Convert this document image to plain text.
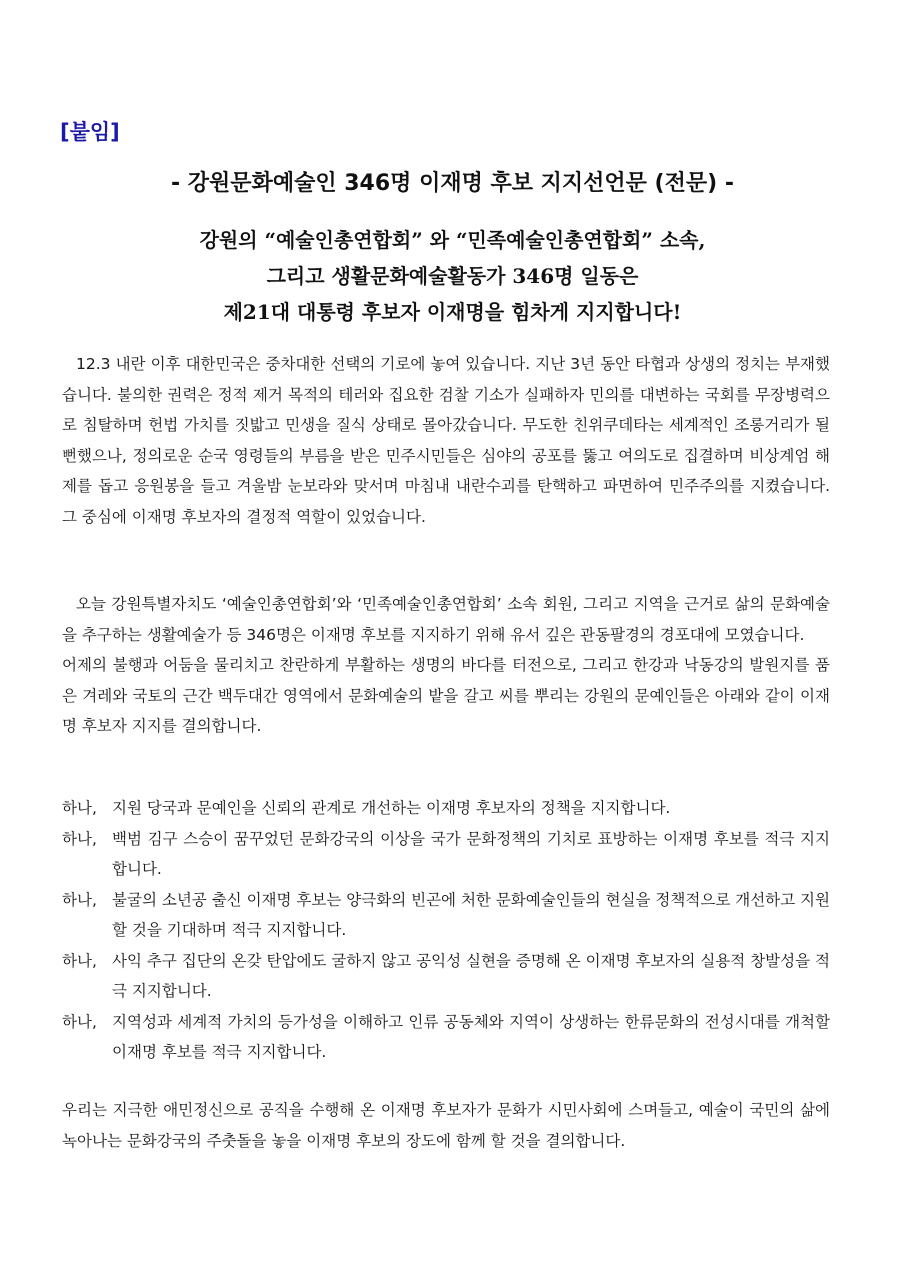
[붙임]
- 강원문화예술인 346명 이재명 후보 지지선언문 (전문) -
강원의 “예술인총연합회” 와 “민족예술인총연합회” 소속,
그리고 생활문화예술활동가 346명 일동은
제21대 대통령 후보자 이재명을 힘차게 지지합니다!

12.3 내란 이후 대한민국은 중차대한 선택의 기로에 놓여 있습니다. 지난 3년 동안 타협과 상생의 정치는 부재했습니다. 불의한 권력은 정적 제거 목적의 테러와 집요한 검찰 기소가 실패하자 민의를 대변하는 국회를 무장병력으로 침탈하며 헌법 가치를 짓밟고 민생을 질식 상태로 몰아갔습니다. 무도한 친위쿠데타는 세계적인 조롱거리가 될 뻔했으나, 정의로운 순국 영령들의 부름을 받은 민주시민들은 심야의 공포를 뚫고 여의도로 집결하며 비상계엄 해제를 돕고 응원봉을 들고 겨울밤 눈보라와 맞서며 마침내 내란수괴를 탄핵하고 파면하여 민주주의를 지켰습니다. 그 중심에 이재명 후보자의 결정적 역할이 있었습니다.

오늘 강원특별자치도 ‘예술인총연합회’와 ‘민족예술인총연합회’ 소속 회원, 그리고 지역을 근거로 삶의 문화예술을 추구하는 생활예술가 등 346명은 이재명 후보를 지지하기 위해 유서 깊은 관동팔경의 경포대에 모였습니다.

어제의 불행과 어둠을 물리치고 찬란하게 부활하는 생명의 바다를 터전으로, 그리고 한강과 낙동강의 발원지를 품은 겨레와 국토의 근간 백두대간 영역에서 문화예술의 밭을 갈고 씨를 뿌리는 강원의 문예인들은 아래와 같이 이재명 후보자 지지를 결의합니다.

하나, 지원 당국과 문예인을 신뢰의 관계로 개선하는 이재명 후보자의 정책을 지지합니다.
하나, 백범 김구 스승이 꿈꾸었던 문화강국의 이상을 국가 문화정책의 기치로 표방하는 이재명 후보를 적극 지지합니다.
하나, 불굴의 소년공 출신 이재명 후보는 양극화의 빈곤에 처한 문화예술인들의 현실을 정책적으로 개선하고 지원할 것을 기대하며 적극 지지합니다.
하나, 사익 추구 집단의 온갖 탄압에도 굴하지 않고 공익성 실현을 증명해 온 이재명 후보자의 실용적 창발성을 적극 지지합니다.
하나, 지역성과 세계적 가치의 등가성을 이해하고 인류 공동체와 지역이 상생하는 한류문화의 전성시대를 개척할 이재명 후보를 적극 지지합니다.

우리는 지극한 애민정신으로 공직을 수행해 온 이재명 후보자가 문화가 시민사회에 스며들고, 예술이 국민의 삶에 녹아나는 문화강국의 주춧돌을 놓을 이재명 후보의 장도에 함께 할 것을 결의합니다.
